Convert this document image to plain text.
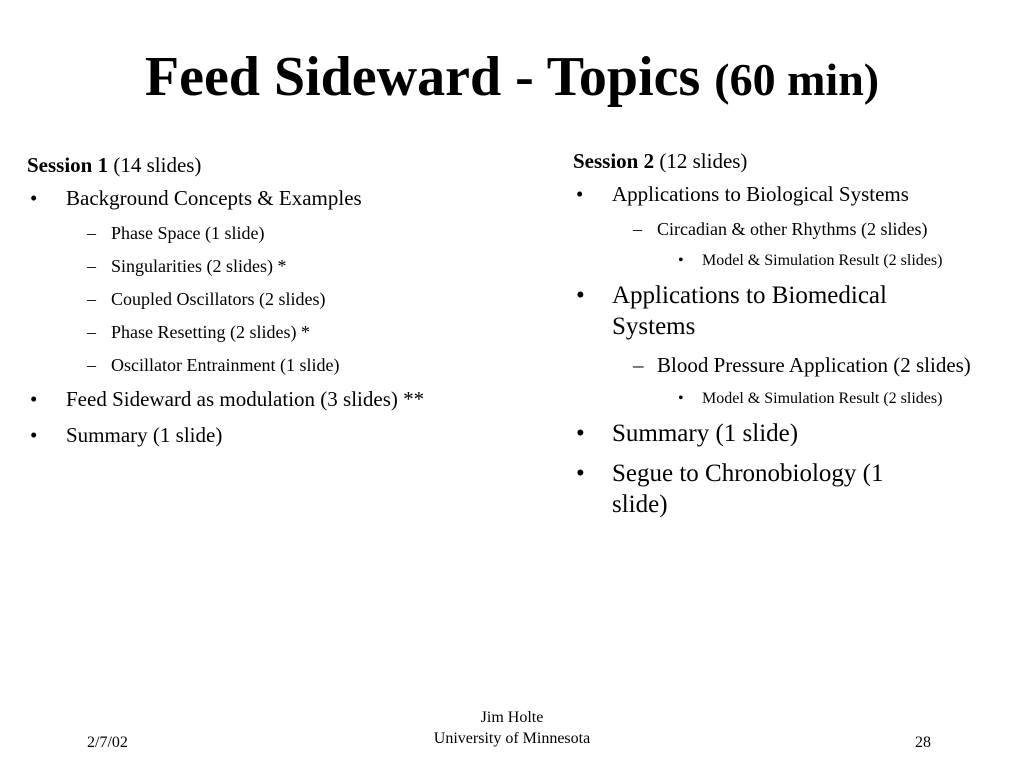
Feed Sideward - Topics (60 min)
Session 1 (14 slides)
• Background Concepts & Examples
– Phase Space (1 slide)
– Singularities (2 slides) *
– Coupled Oscillators (2 slides)
– Phase Resetting (2 slides) *
– Oscillator Entrainment (1 slide)
• Feed Sideward as modulation (3 slides) **
• Summary (1 slide)
Session 2 (12 slides)
• Applications to Biological Systems
– Circadian & other Rhythms (2 slides)
• Model & Simulation Result (2 slides)
• Applications to Biomedical Systems
– Blood Pressure Application (2 slides)
• Model & Simulation Result (2 slides)
• Summary (1 slide)
• Segue to Chronobiology (1 slide)
2/7/02
Jim Holte
University of Minnesota	28
